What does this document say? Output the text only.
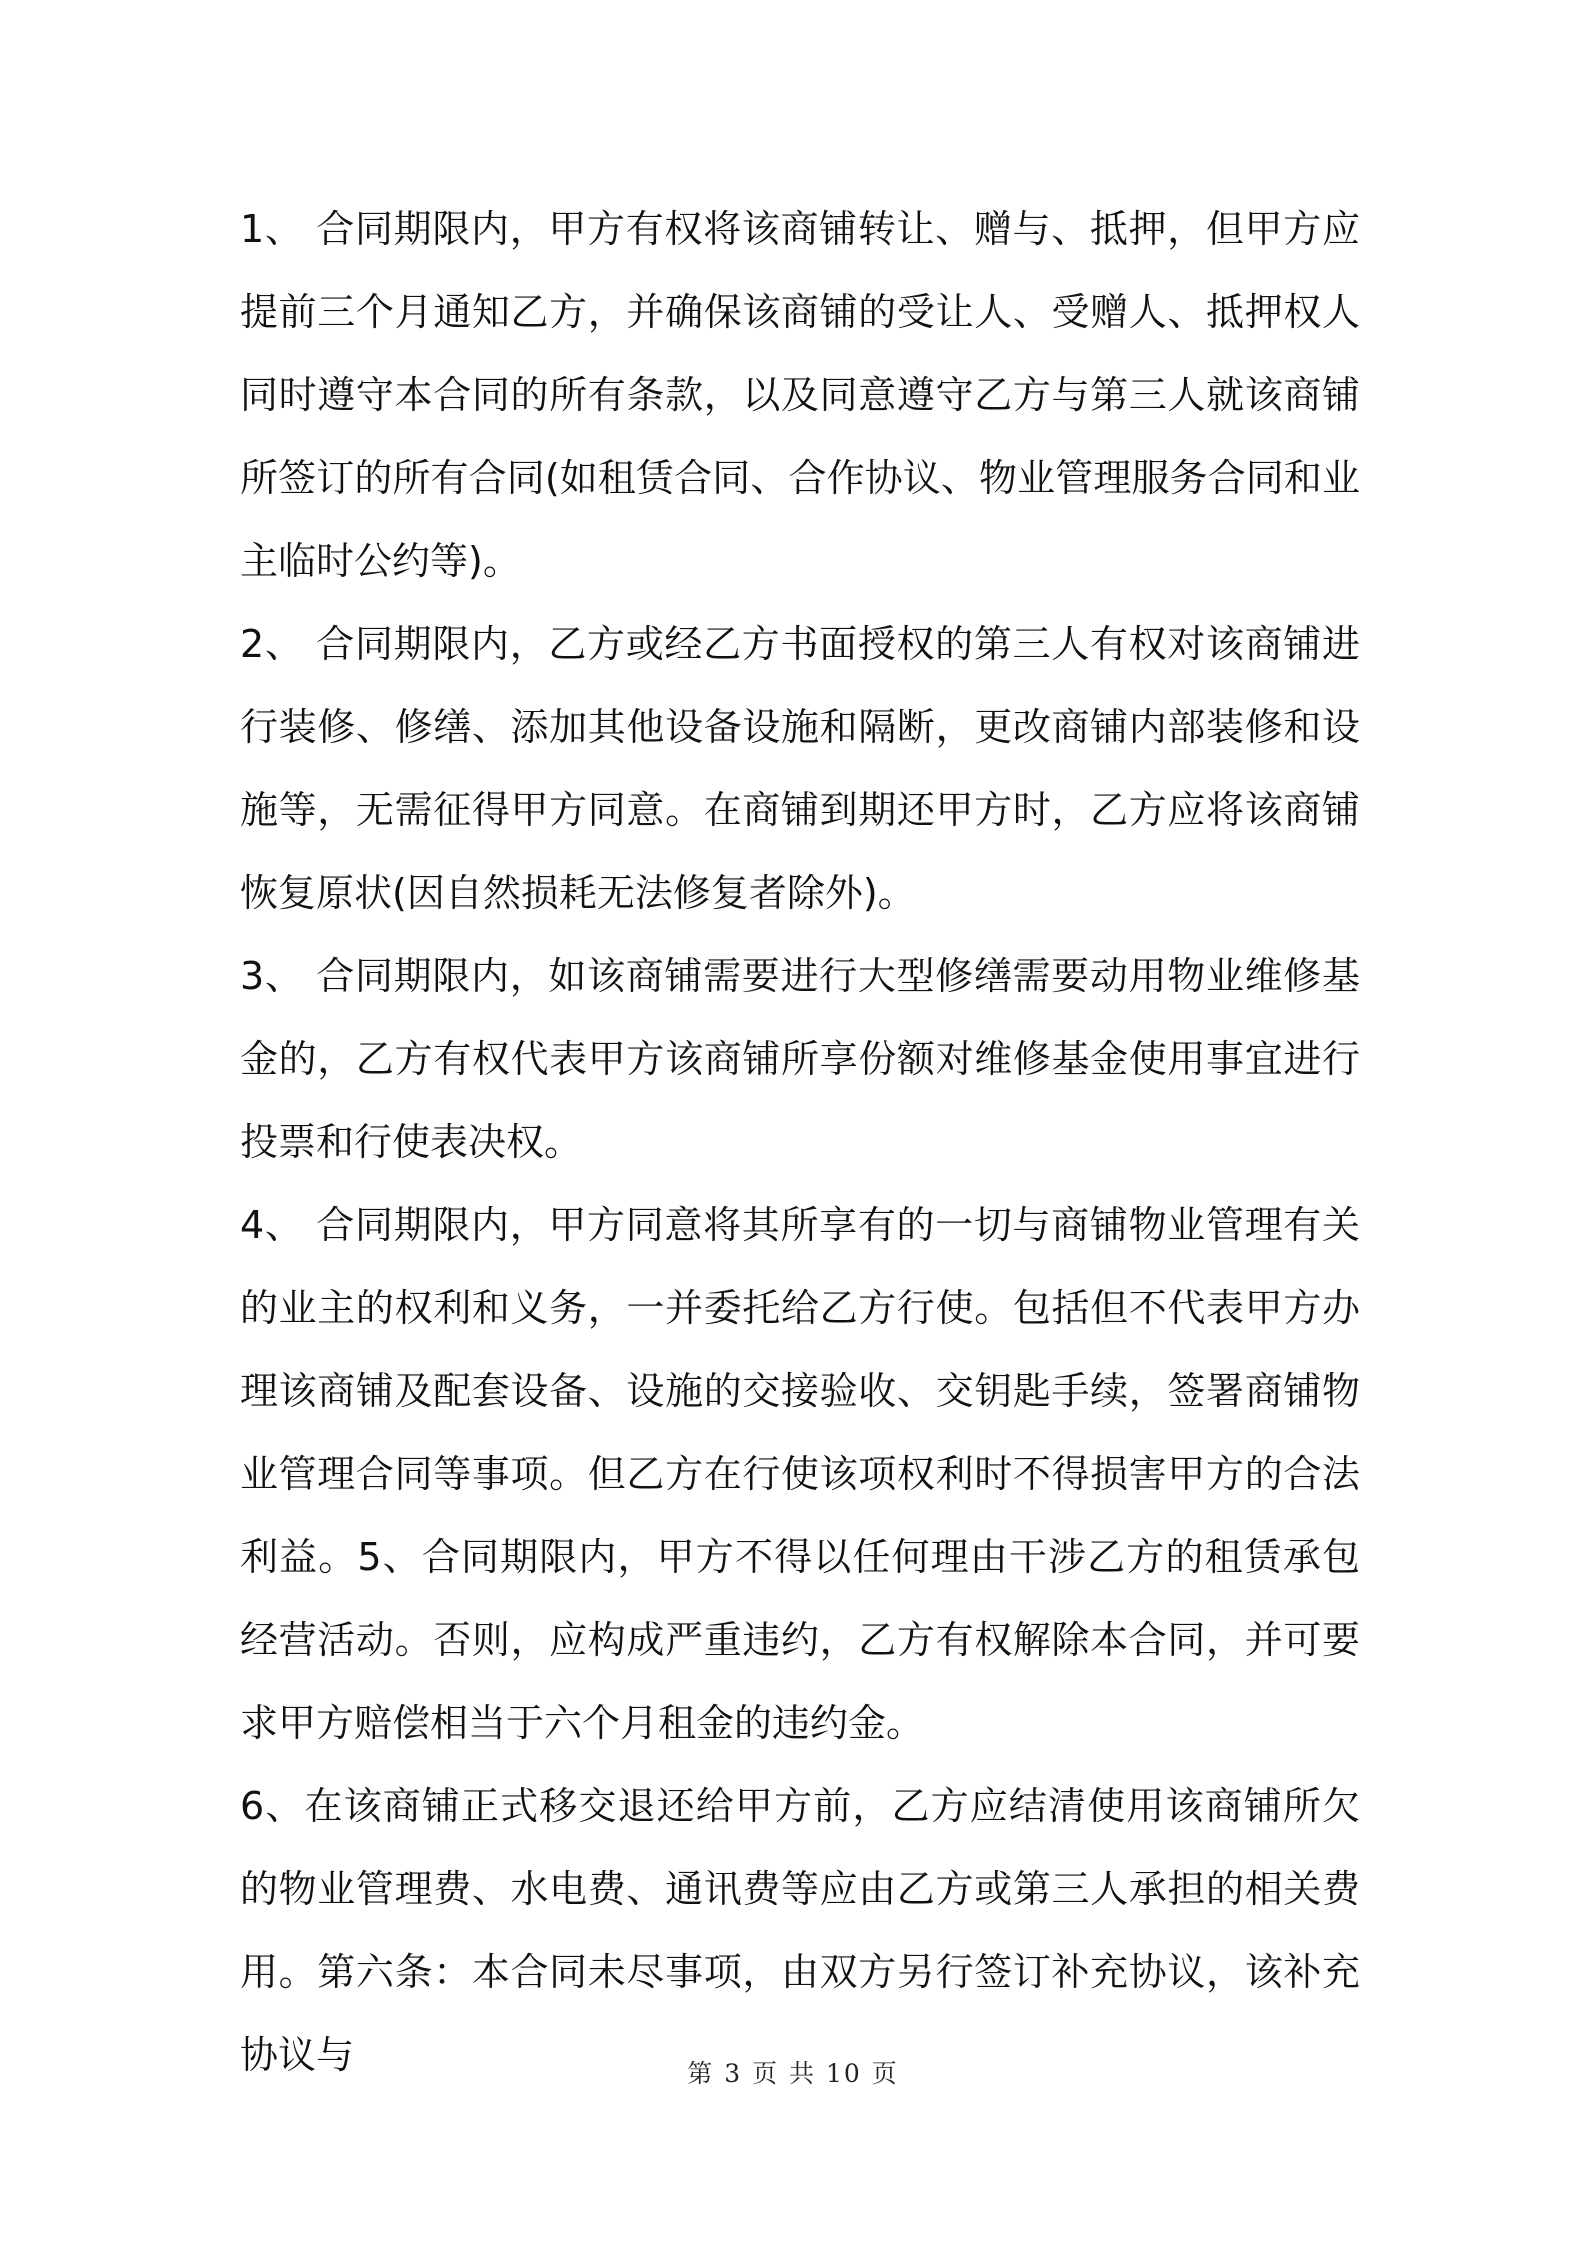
1、 合同期限内，甲方有权将该商铺转让、赠与、抵押，但甲方应提前三个月通知乙方，并确保该商铺的受让人、受赠人、抵押权人同时遵守本合同的所有条款，以及同意遵守乙方与第三人就该商铺所签订的所有合同(如租赁合同、合作协议、物业管理服务合同和业主临时公约等)。

2、 合同期限内，乙方或经乙方书面授权的第三人有权对该商铺进行装修、修缮、添加其他设备设施和隔断，更改商铺内部装修和设施等，无需征得甲方同意。在商铺到期还甲方时，乙方应将该商铺恢复原状(因自然损耗无法修复者除外)。

3、 合同期限内，如该商铺需要进行大型修缮需要动用物业维修基金的，乙方有权代表甲方该商铺所享份额对维修基金使用事宜进行投票和行使表决权。

4、 合同期限内，甲方同意将其所享有的一切与商铺物业管理有关的业主的权利和义务，一并委托给乙方行使。包括但不代表甲方办理该商铺及配套设备、设施的交接验收、交钥匙手续，签署商铺物业管理合同等事项。但乙方在行使该项权利时不得损害甲方的合法利益。5、合同期限内，甲方不得以任何理由干涉乙方的租赁承包经营活动。否则，应构成严重违约，乙方有权解除本合同，并可要求甲方赔偿相当于六个月租金的违约金。

6、在该商铺正式移交退还给甲方前，乙方应结清使用该商铺所欠的物业管理费、水电费、通讯费等应由乙方或第三人承担的相关费用。第六条：本合同未尽事项，由双方另行签订补充协议，该补充协议与	第 3 页 共 10 页
